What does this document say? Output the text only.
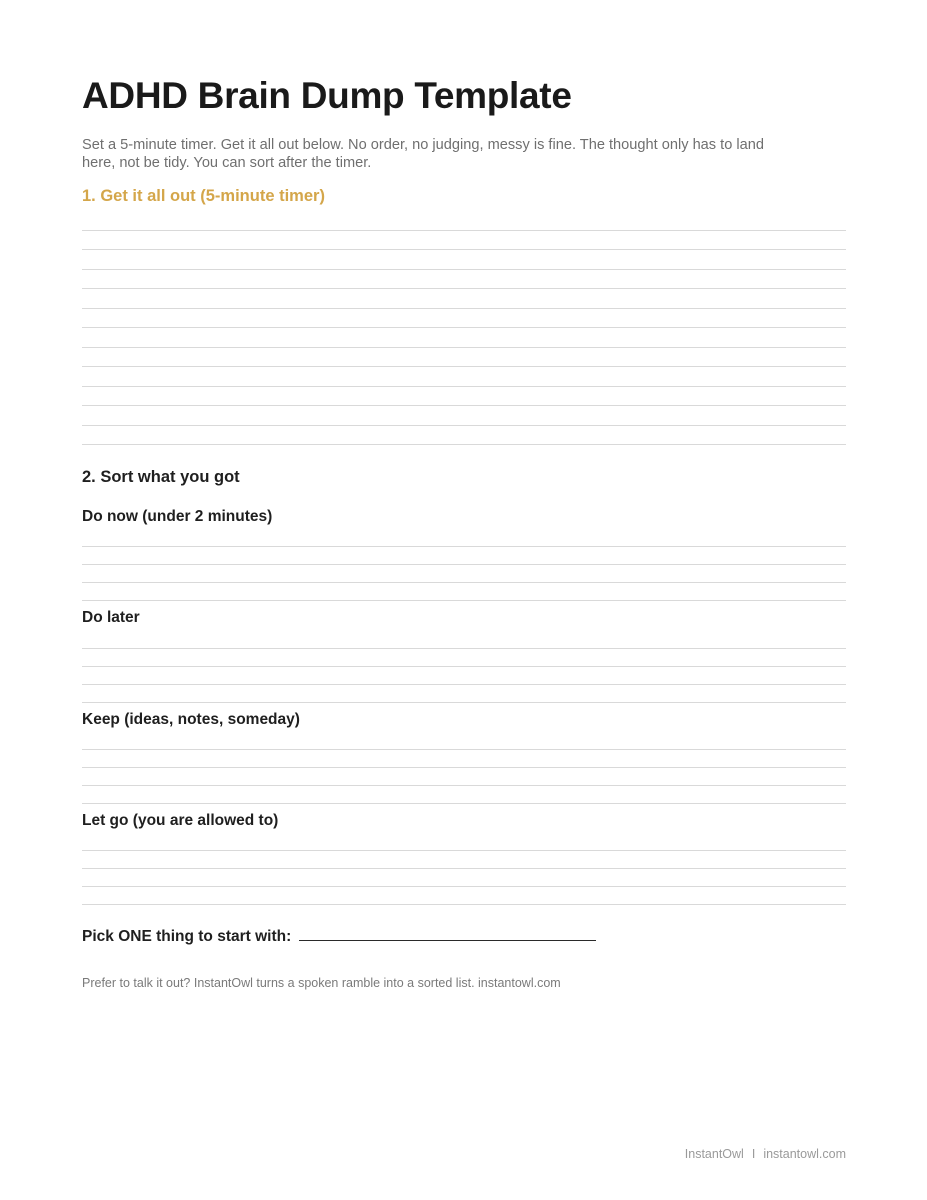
ADHD Brain Dump Template

Set a 5-minute timer. Get it all out below. No order, no judging, messy is fine. The thought only has to land here, not be tidy. You can sort after the timer.

1. Get it all out (5-minute timer)
2. Sort what you got
Do now (under 2 minutes)
Do later
Keep (ideas, notes, someday)
Let go (you are allowed to)
Pick ONE thing to start with:

Prefer to talk it out? InstantOwl turns a spoken ramble into a sorted list. instantowl.com

InstantOwl I instantowl.com
